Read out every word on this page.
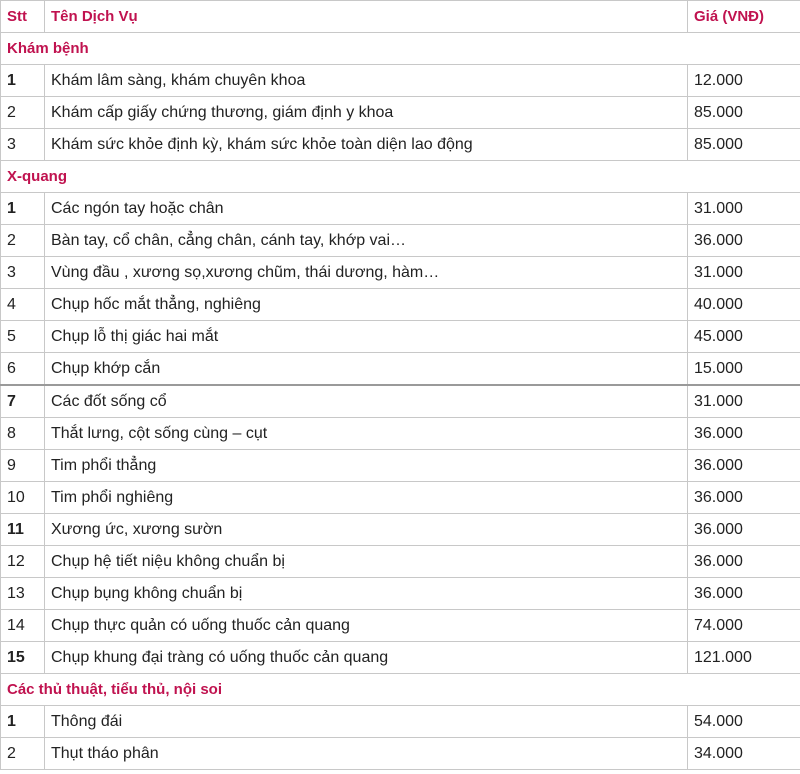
Stt	Tên Dịch Vụ	Giá (VNĐ)
Khám bệnh		
1	Khám lâm sàng, khám chuyên khoa	12.000
2	Khám cấp giấy chứng thương, giám định y khoa	85.000
3	Khám sức khỏe định kỳ, khám sức khỏe toàn diện lao động	85.000
X-quang		
1	Các ngón tay hoặc chân	31.000
2	Bàn tay, cổ chân, cẳng chân, cánh tay, khớp vai…	36.000
3	Vùng đầu , xương sọ,xương chũm, thái dương, hàm…	31.000
4	Chụp hốc mắt thẳng, nghiêng	40.000
5	Chụp lỗ thị giác hai mắt	45.000
6	Chụp khớp cắn	15.000
7	Các đốt sống cổ	31.000
8	Thắt lưng, cột sống cùng – cụt	36.000
9	Tim phổi thẳng	36.000
10	Tim phổi nghiêng	36.000
11	Xương ức, xương sườn	36.000
12	Chụp hệ tiết niệu không chuẩn bị	36.000
13	Chụp bụng không chuẩn bị	36.000
14	Chụp thực quản có uống thuốc cản quang	74.000
15	Chụp khung đại tràng có uống thuốc cản quang	121.000
Các thủ thuật, tiểu thủ, nội soi		
1	Thông đái	54.000
2	Thụt tháo phân	34.000
